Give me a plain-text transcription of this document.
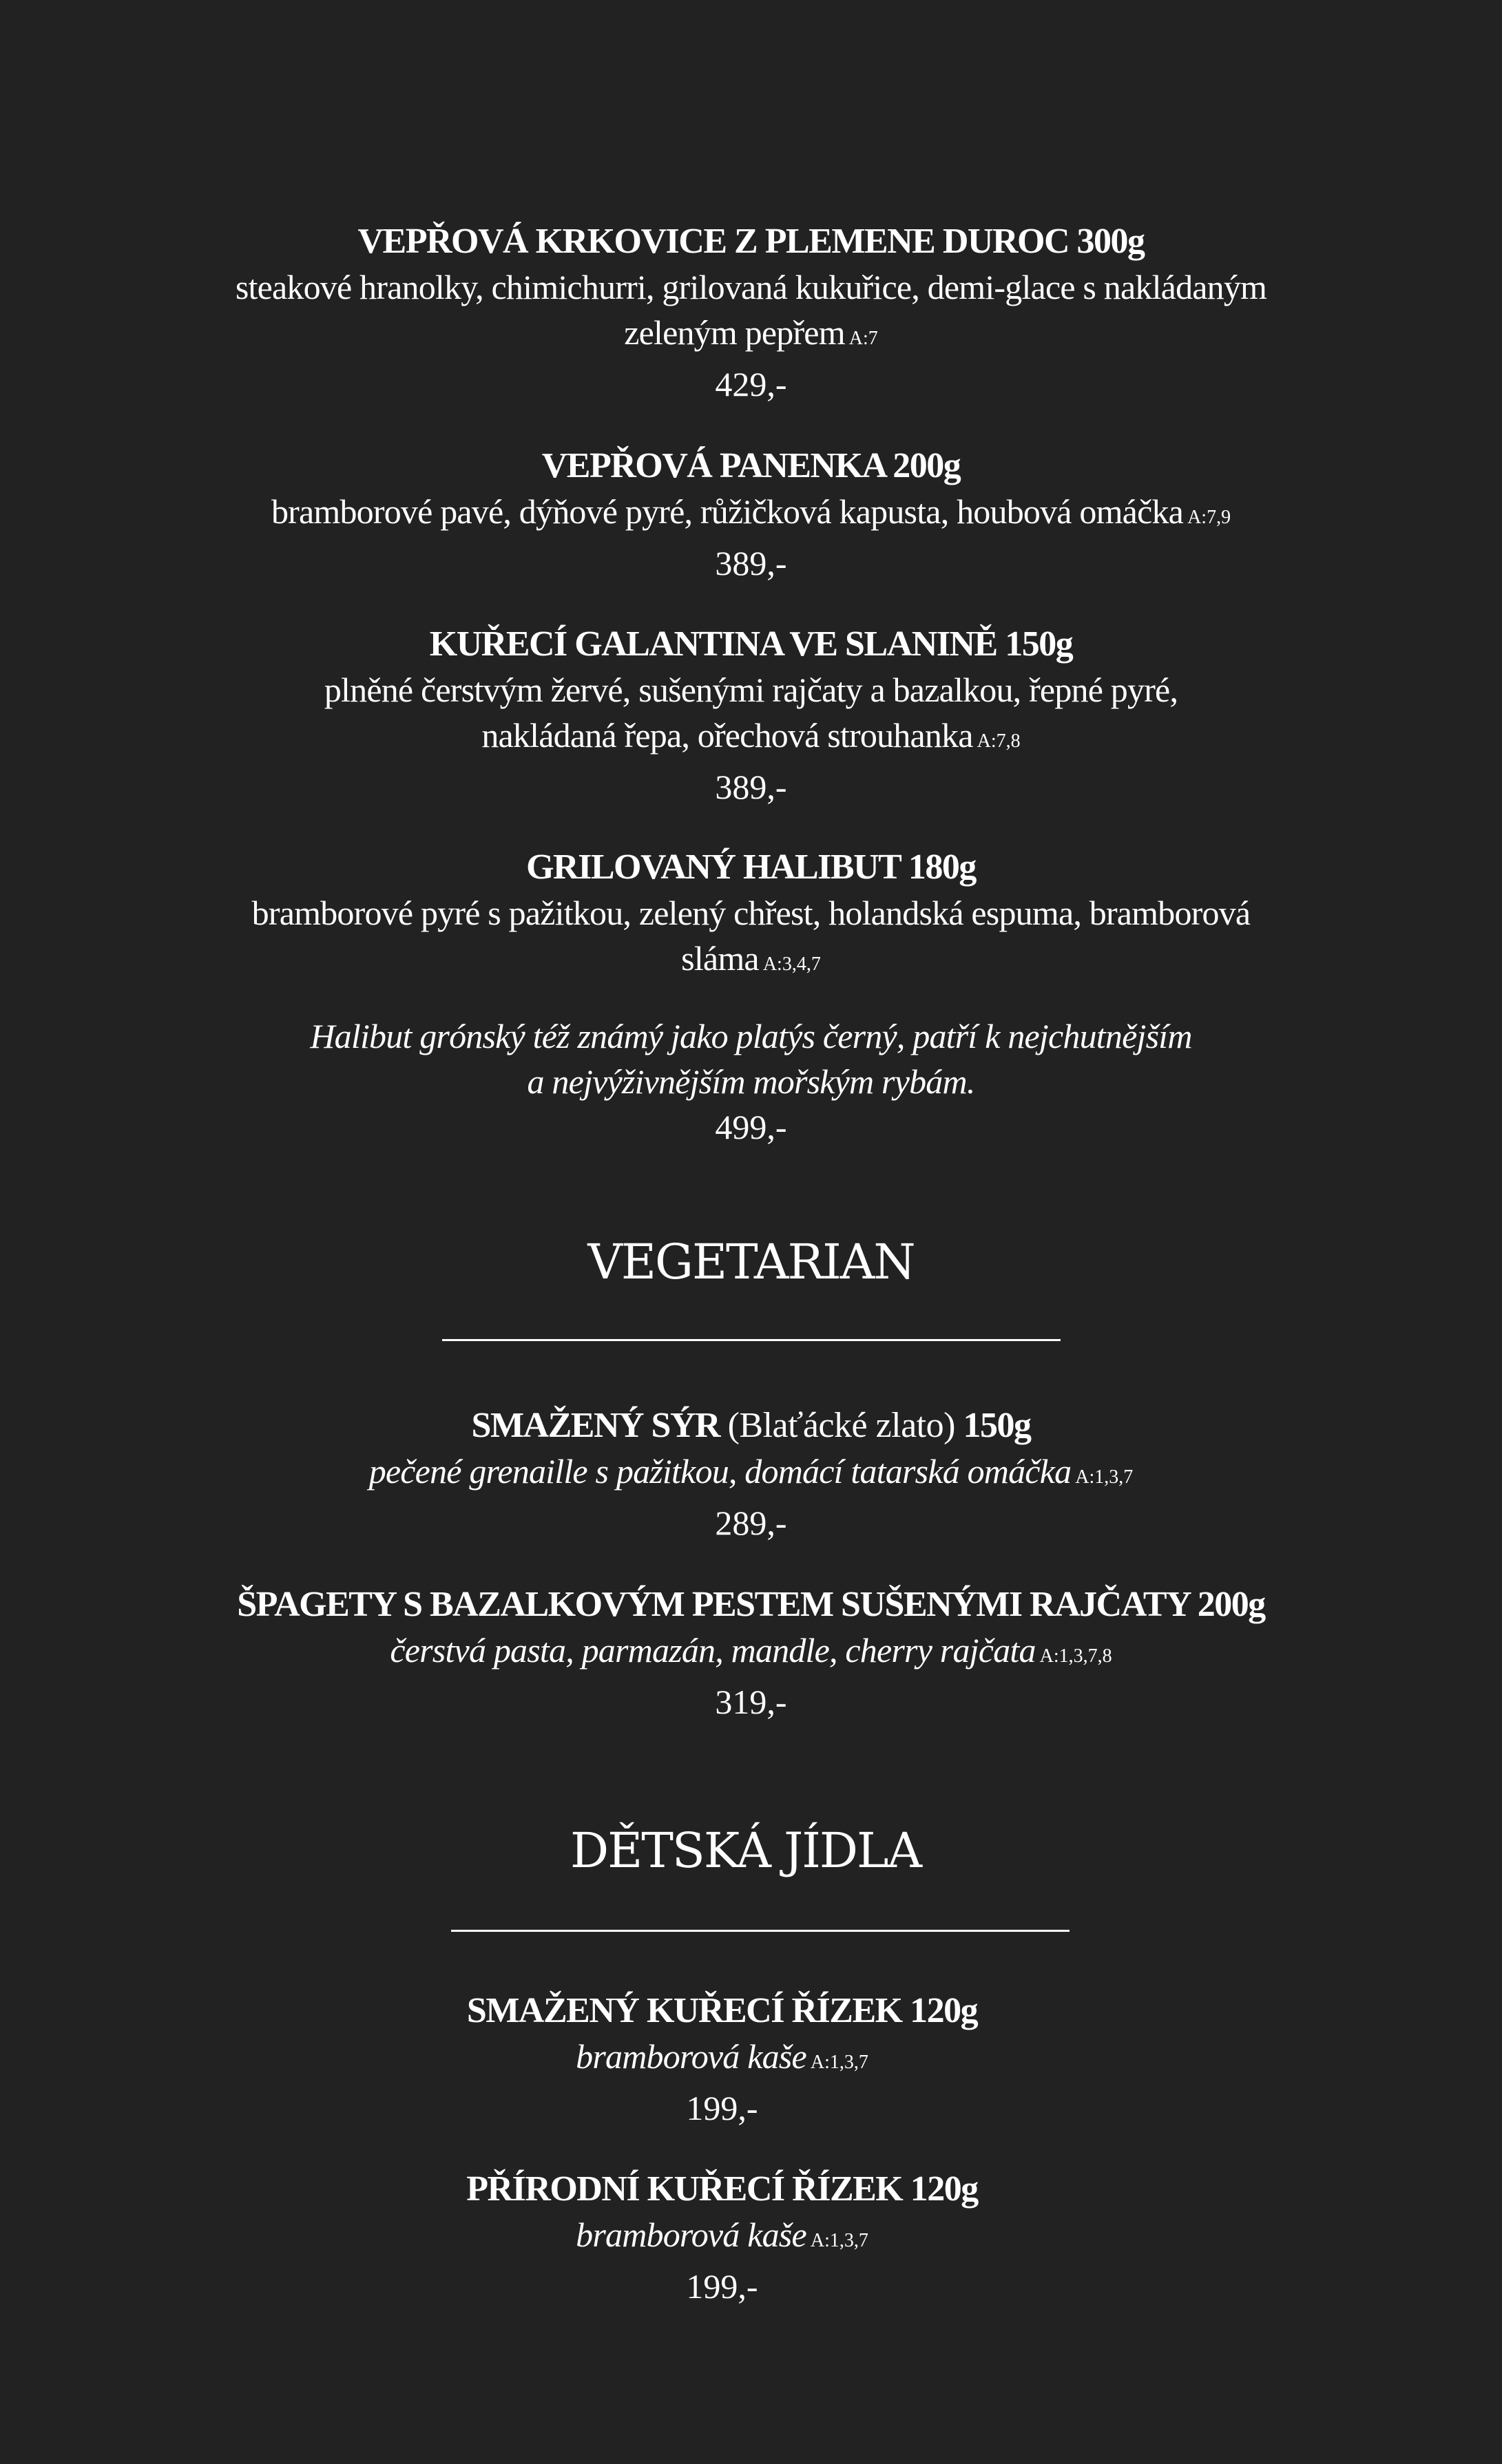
VEPŘOVÁ KRKOVICE Z PLEMENE DUROC 300g
steakové hranolky, chimichurri, grilovaná kukuřice, demi-glace s nakládaným
zeleným pepřem A:7
429,-
VEPŘOVÁ PANENKA 200g
bramborové pavé, dýňové pyré, růžičková kapusta, houbová omáčka A:7,9
389,-
KUŘECÍ GALANTINA VE SLANINĚ 150g
plněné čerstvým žervé, sušenými rajčaty a bazalkou, řepné pyré,
nakládaná řepa, ořechová strouhanka A:7,8
389,-
GRILOVANÝ HALIBUT 180g
bramborové pyré s pažitkou, zelený chřest, holandská espuma, bramborová
sláma A:3,4,7
Halibut grónský též známý jako platýs černý, patří k nejchutnějším
a nejvýživnějším mořským rybám.
499,-
VEGETARIAN
SMAŽENÝ SÝR (Blaťácké zlato) 150g
pečené grenaille s pažitkou, domácí tatarská omáčka A:1,3,7
289,-
ŠPAGETY S BAZALKOVÝM PESTEM SUŠENÝMI RAJČATY 200g
čerstvá pasta, parmazán, mandle, cherry rajčata A:1,3,7,8
319,-
DĚTSKÁ JÍDLA
SMAŽENÝ KUŘECÍ ŘÍZEK 120g
bramborová kaše A:1,3,7
199,-
PŘÍRODNÍ KUŘECÍ ŘÍZEK 120g
bramborová kaše A:1,3,7
199,-
